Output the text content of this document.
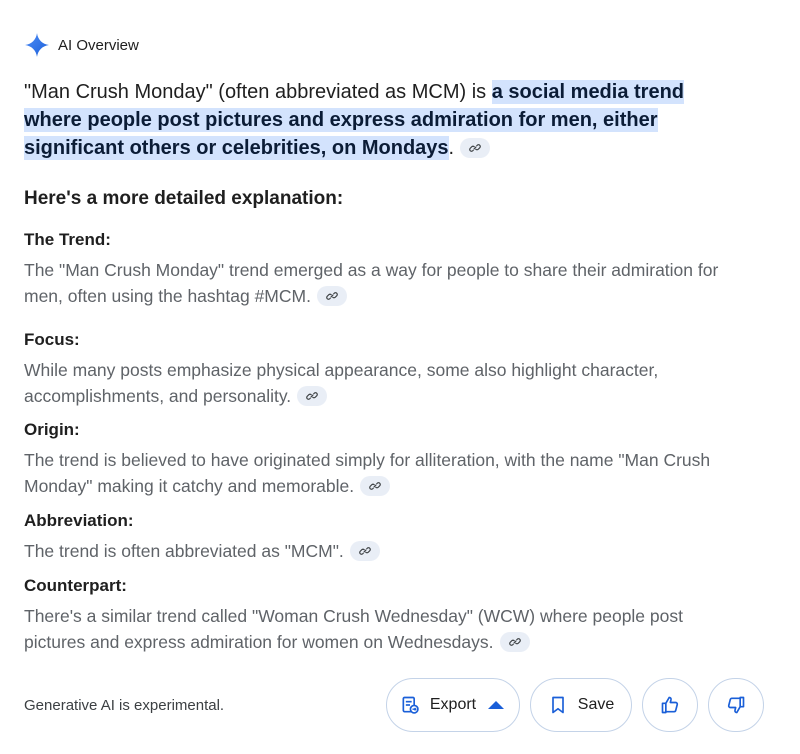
AI Overview
"Man Crush Monday" (often abbreviated as MCM) is a social media trend where people post pictures and express admiration for men, either significant others or celebrities, on Mondays.
Here's a more detailed explanation:
The Trend:
The "Man Crush Monday" trend emerged as a way for people to share their admiration for men, often using the hashtag #MCM.
Focus:
While many posts emphasize physical appearance, some also highlight character, accomplishments, and personality.
Origin:
The trend is believed to have originated simply for alliteration, with the name "Man Crush Monday" making it catchy and memorable.
Abbreviation:
The trend is often abbreviated as "MCM".
Counterpart:
There's a similar trend called "Woman Crush Wednesday" (WCW) where people post pictures and express admiration for women on Wednesdays.
Generative AI is experimental.	Export	Save
